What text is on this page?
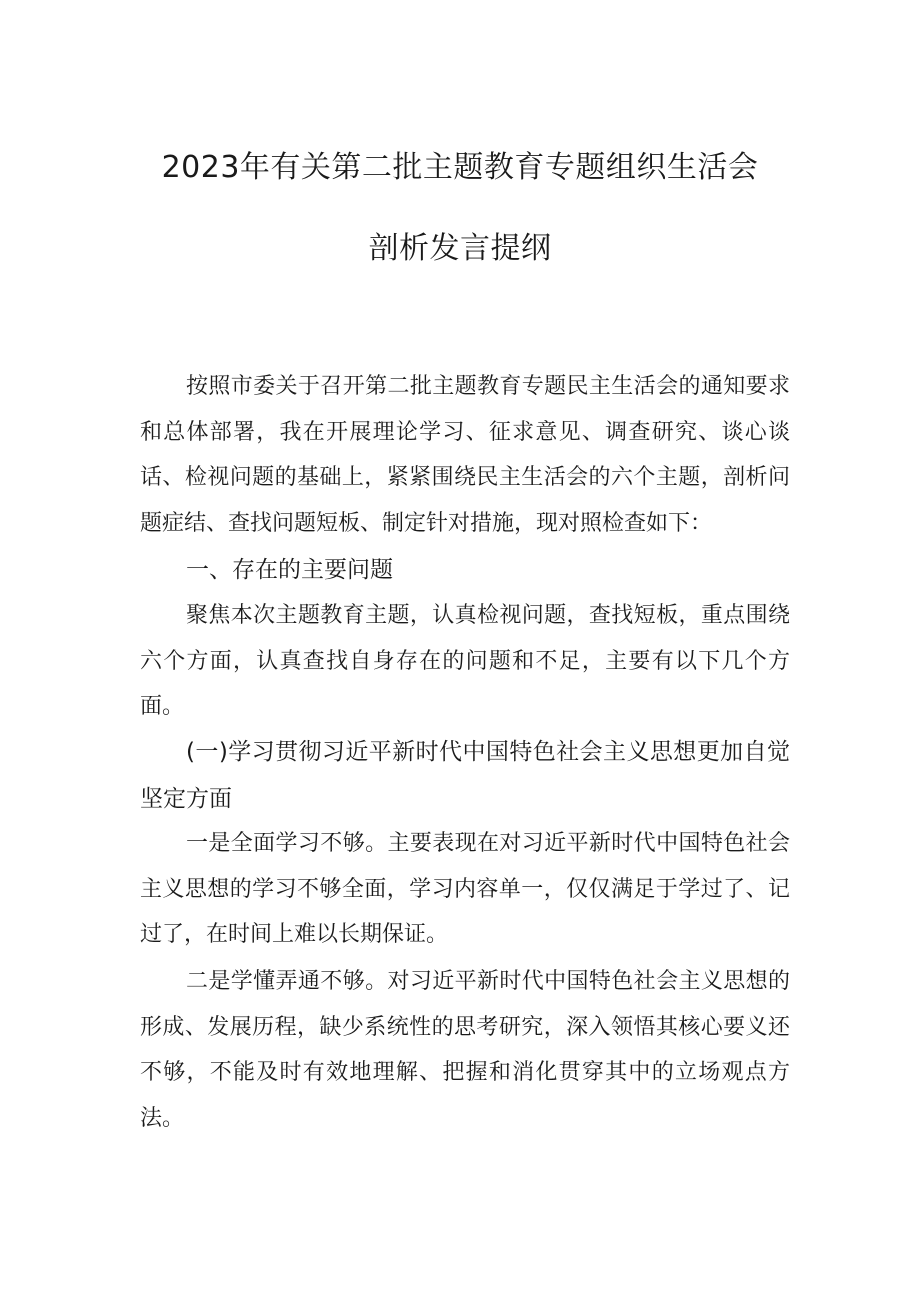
2023年有关第二批主题教育专题组织生活会
剖析发言提纲

按照市委关于召开第二批主题教育专题民主生活会的通知要求和总体部署，我在开展理论学习、征求意见、调查研究、谈心谈话、检视问题的基础上，紧紧围绕民主生活会的六个主题，剖析问题症结、查找问题短板、制定针对措施，现对照检查如下：

一、存在的主要问题

聚焦本次主题教育主题，认真检视问题，查找短板，重点围绕六个方面，认真查找自身存在的问题和不足，主要有以下几个方面。

(一)学习贯彻习近平新时代中国特色社会主义思想更加自觉坚定方面

一是全面学习不够。主要表现在对习近平新时代中国特色社会主义思想的学习不够全面，学习内容单一，仅仅满足于学过了、记过了，在时间上难以长期保证。

二是学懂弄通不够。对习近平新时代中国特色社会主义思想的形成、发展历程，缺少系统性的思考研究，深入领悟其核心要义还不够，不能及时有效地理解、把握和消化贯穿其中的立场观点方法。
